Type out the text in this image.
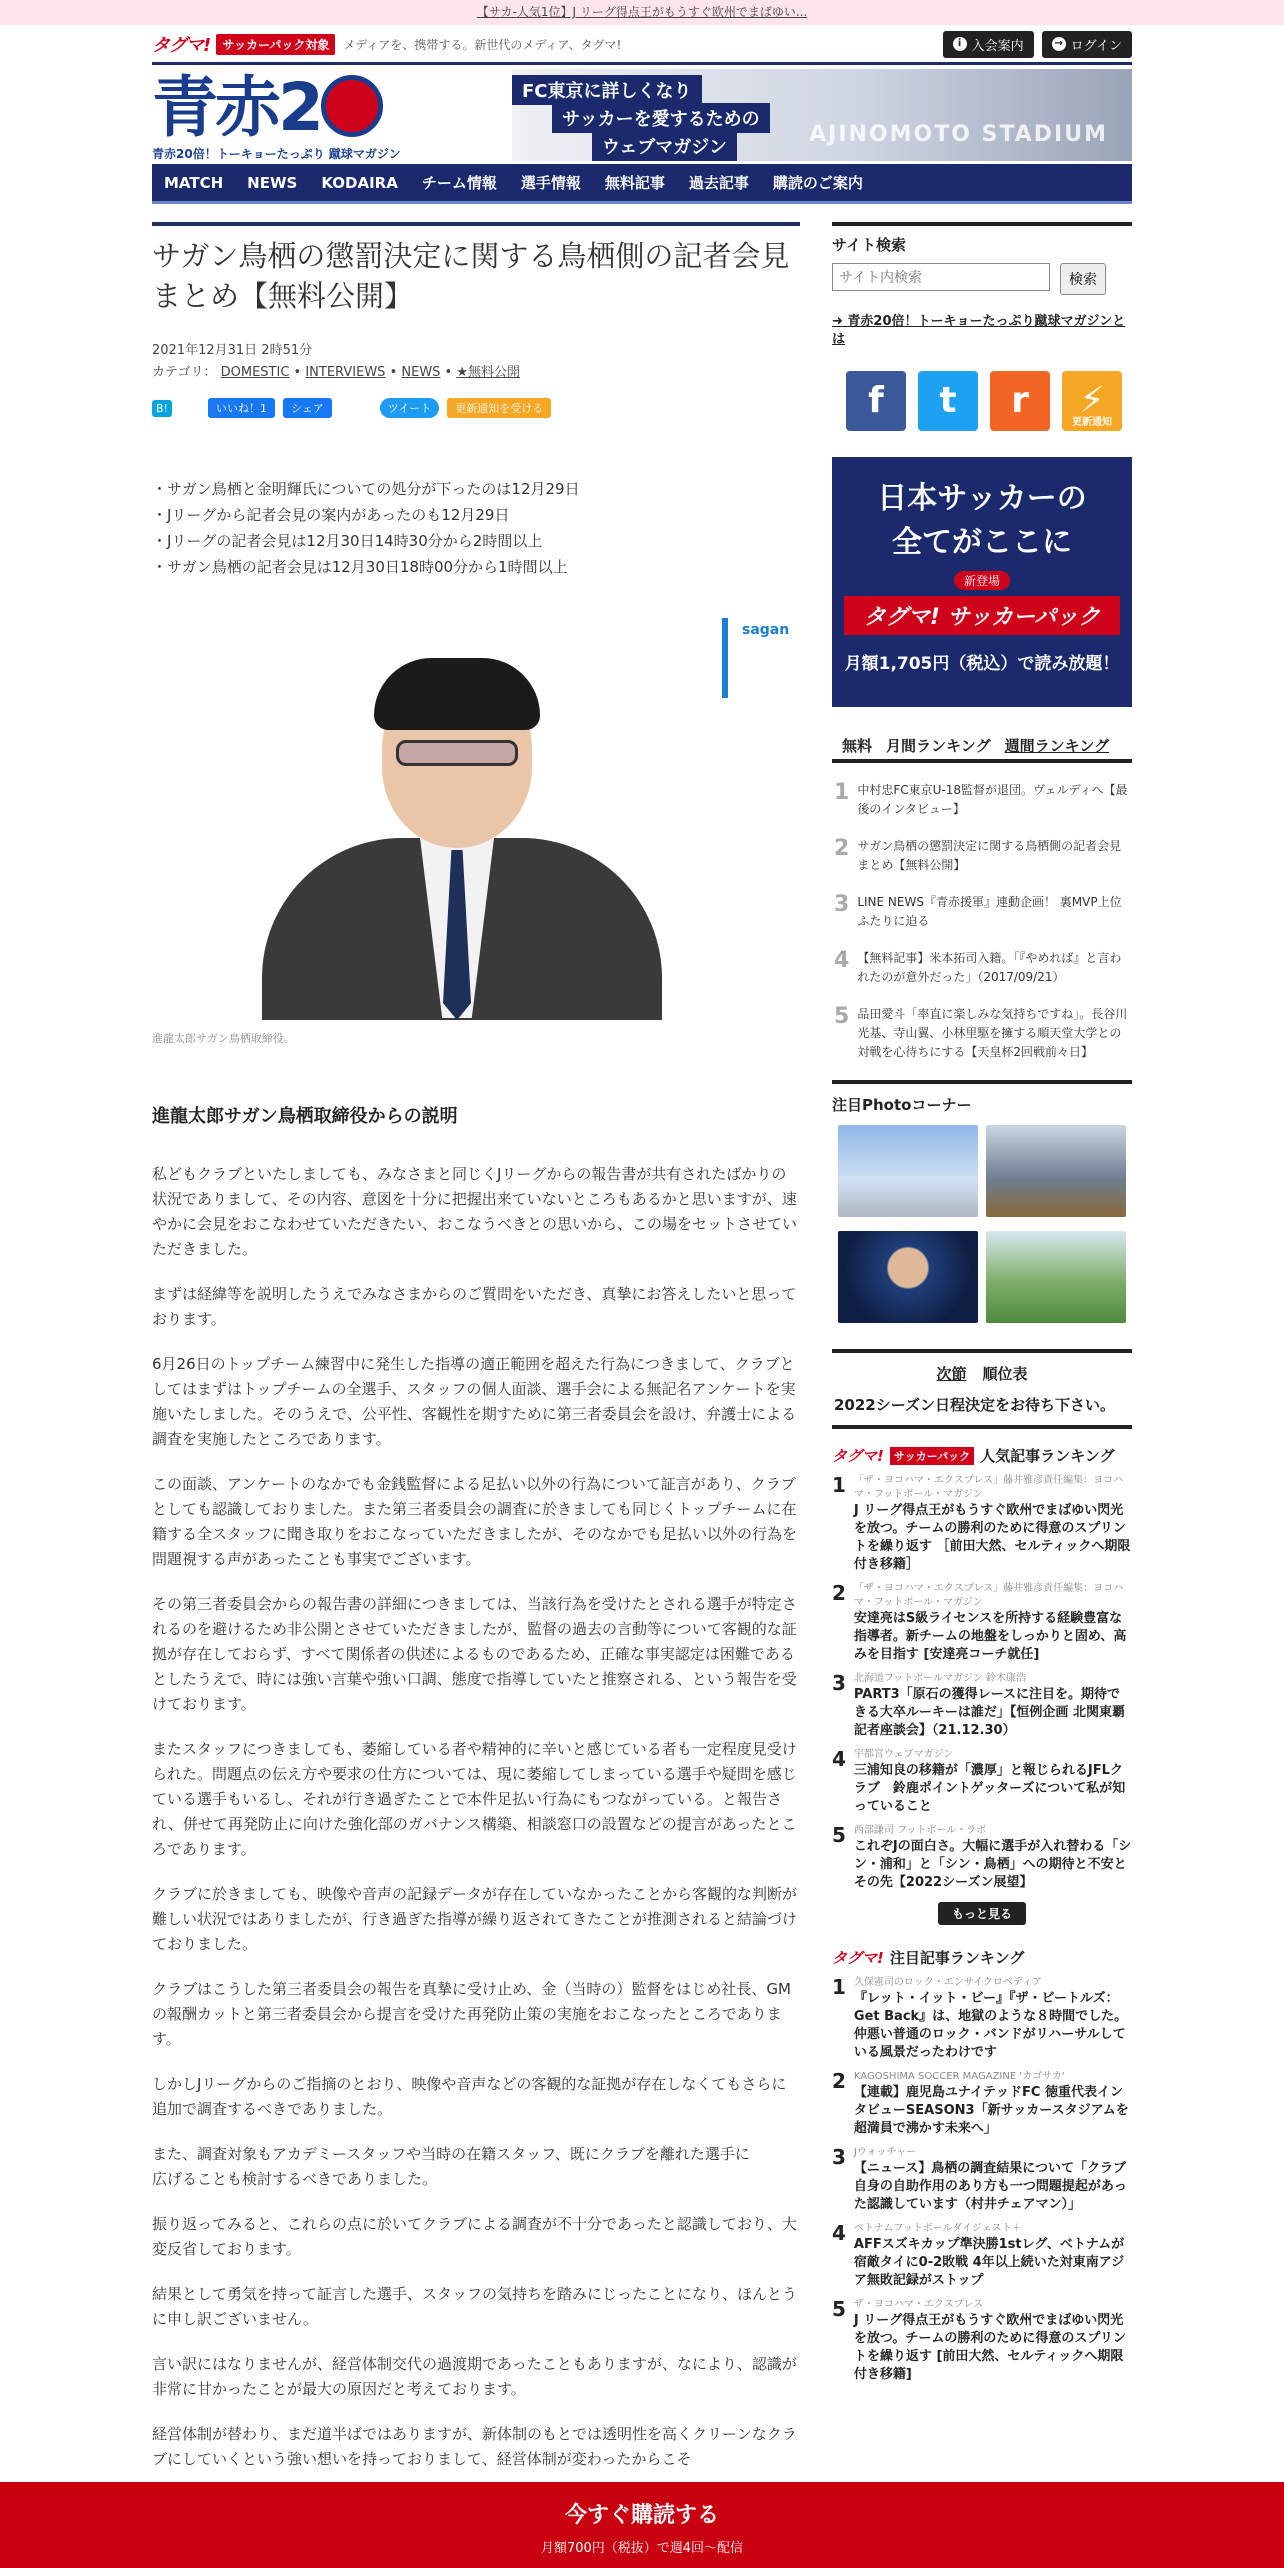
【サカ-人気1位】J リーグ得点王がもうすぐ欧州でまばゆい...
タグマ!	サッカーパック対象	メディアを、携帯する。新世代のメディア、タグマ!	i 入会案内	→ ログイン
青赤2
青赤20倍！トーキョーたっぷり 蹴球マガジン
FC東京に詳しくなり
サッカーを愛するための
ウェブマガジン
AJINOMOTO STADIUM
MATCH NEWS KODAIRA チーム情報 選手情報 無料記事 過去記事 購読のご案内
サガン鳥栖の懲罰決定に関する鳥栖側の記者会見まとめ【無料公開】
2021年12月31日 2時51分
カテゴリ： DOMESTIC • INTERVIEWS • NEWS • ★無料公開
B!	いいね！1	シェア	ツイート	更新通知を受ける
・サガン鳥栖と金明輝氏についての処分が下ったのは12月29日
・Jリーグから記者会見の案内があったのも12月29日
・Jリーグの記者会見は12月30日14時30分から2時間以上
・サガン鳥栖の記者会見は12月30日18時00分から1時間以上
sagan
進龍太郎サガン鳥栖取締役。
進龍太郎サガン鳥栖取締役からの説明

私どもクラブといたしましても、みなさまと同じくJリーグからの報告書が共有されたばかりの状況でありまして、その内容、意図を十分に把握出来ていないところもあるかと思いますが、速やかに会見をおこなわせていただきたい、おこなうべきとの思いから、この場をセットさせていただきました。

まずは経緯等を説明したうえでみなさまからのご質問をいただき、真摯にお答えしたいと思っております。

6月26日のトップチーム練習中に発生した指導の適正範囲を超えた行為につきまして、クラブとしてはまずはトップチームの全選手、スタッフの個人面談、選手会による無記名アンケートを実施いたしました。そのうえで、公平性、客観性を期すために第三者委員会を設け、弁護士による調査を実施したところであります。

この面談、アンケートのなかでも金銭監督による足払い以外の行為について証言があり、クラブとしても認識しておりました。また第三者委員会の調査に於きましても同じくトップチームに在籍する全スタッフに聞き取りをおこなっていただきましたが、そのなかでも足払い以外の行為を問題視する声があったことも事実でございます。

その第三者委員会からの報告書の詳細につきましては、当該行為を受けたとされる選手が特定されるのを避けるため非公開とさせていただきましたが、監督の過去の言動等について客観的な証拠が存在しておらず、すべて関係者の供述によるものであるため、正確な事実認定は困難であるとしたうえで、時には強い言葉や強い口調、態度で指導していたと推察される、という報告を受けております。

またスタッフにつきましても、萎縮している者や精神的に辛いと感じている者も一定程度見受けられた。問題点の伝え方や要求の仕方については、現に萎縮してしまっている選手や疑問を感じている選手もいるし、それが行き過ぎたことで本件足払い行為にもつながっている。と報告され、併せて再発防止に向けた強化部のガバナンス構築、相談窓口の設置などの提言があったところであります。

クラブに於きましても、映像や音声の記録データが存在していなかったことから客観的な判断が難しい状況ではありましたが、行き過ぎた指導が繰り返されてきたことが推測されると結論づけておりました。

クラブはこうした第三者委員会の報告を真摯に受け止め、金（当時の）監督をはじめ社長、GMの報酬カットと第三者委員会から提言を受けた再発防止策の実施をおこなったところであります。

しかしJリーグからのご指摘のとおり、映像や音声などの客観的な証拠が存在しなくてもさらに追加で調査するべきでありました。

また、調査対象もアカデミースタッフや当時の在籍スタッフ、既にクラブを離れた選手に
広げることも検討するべきでありました。

振り返ってみると、これらの点に於いてクラブによる調査が不十分であったと認識しており、大変反省しております。

結果として勇気を持って証言した選手、スタッフの気持ちを踏みにじったことになり、ほんとうに申し訳ございません。

言い訳にはなりませんが、経営体制交代の過渡期であったこともありますが、なにより、認識が非常に甘かったことが最大の原因だと考えております。

経営体制が替わり、まだ道半ばではありますが、新体制のもとでは透明性を高くクリーンなクラブにしていくという強い想いを持っておりまして、経営体制が変わったからこそ

サイト検索
サイト内検索
検索
➜ 青赤20倍！トーキョーたっぷり蹴球マガジンとは
f	t	r	⚡
更新通知
日本サッカーの
全てがここに
新登場
タグマ! サッカーパック
月額1,705円（税込）で読み放題！
無料 月間ランキング 週間ランキング
1 中村忠FC東京U-18監督が退団。ヴェルディへ【最後のインタビュー】
2 サガン鳥栖の懲罰決定に関する鳥栖側の記者会見まとめ【無料公開】
3 LINE NEWS『青赤援軍』連動企画！ 裏MVP上位ふたりに迫る
4 【無料記事】米本拓司入籍。「『やめれば』と言われたのが意外だった」（2017/09/21）
5 品田愛斗「率直に楽しみな気持ちですね」。長谷川光基、寺山翼、小林里駆を擁する順天堂大学との対戦を心待ちにする【天皇杯2回戦前々日】
注目Photoコーナー
次節 順位表
2022シーズン日程決定をお待ち下さい。
タグマ! サッカーパック 人気記事ランキング
1 「ザ・ヨコハマ・エクスプレス」藤井雅彦責任編集：ヨコハマ・フットボール・マガジン
J リーグ得点王がもうすぐ欧州でまばゆい閃光を放つ。チームの勝利のために得意のスプリントを繰り返す ［前田大然、セルティックへ期限付き移籍］
2 「ザ・ヨコハマ・エクスプレス」藤井雅彦責任編集：ヨコハマ・フットボール・マガジン
安達亮はS級ライセンスを所持する経験豊富な指導者。新チームの地盤をしっかりと固め、高みを目指す [安達亮コーチ就任]
3 北海道フットボールマガジン 鈴木康浩
PART3「原石の獲得レースに注目を。期待できる大卒ルーキーは誰だ」【恒例企画 北関東覇記者座談会】（21.12.30）
4 宇都宮ウェブマガジン
三浦知良の移籍が「濃厚」と報じられるJFLクラブ　鈴鹿ポイントゲッターズについて私が知っていること
5 西部謙司 フットボール・ラボ
これぞJの面白さ。大幅に選手が入れ替わる「シン・浦和」と「シン・鳥栖」への期待と不安とその先【2022シーズン展望】
もっと見る
タグマ! 注目記事ランキング
1 久保憲司のロック・エンサイクロペディア
『レット・イット・ビー』『ザ・ビートルズ：Get Back』は、地獄のような８時間でした。仲悪い普通のロック・バンドがリハーサルしている風景だったわけです
2 KAGOSHIMA SOCCER MAGAZINE 'カゴサカ'
【連載】鹿児島ユナイテッドFC 徳重代表インタビューSEASON3「新サッカースタジアムを超満員で沸かす未来へ」
3 Jウォッチャー
【ニュース】鳥栖の調査結果について「クラブ自身の自助作用のあり方も一つ問題提起があった認識しています（村井チェアマン）」
4 ベトナムフットボールダイジェスト＋
AFFスズキカップ準決勝1stレグ、ベトナムが宿敵タイに0-2敗戦 4年以上続いた対東南アジア無敗記録がストップ
5 ザ・ヨコハマ・エクスプレス
J リーグ得点王がもうすぐ欧州でまばゆい閃光を放つ。チームの勝利のために得意のスプリントを繰り返す [前田大然、セルティックへ期限付き移籍]
今すぐ購読する
月額700円（税抜）で週4回〜配信
